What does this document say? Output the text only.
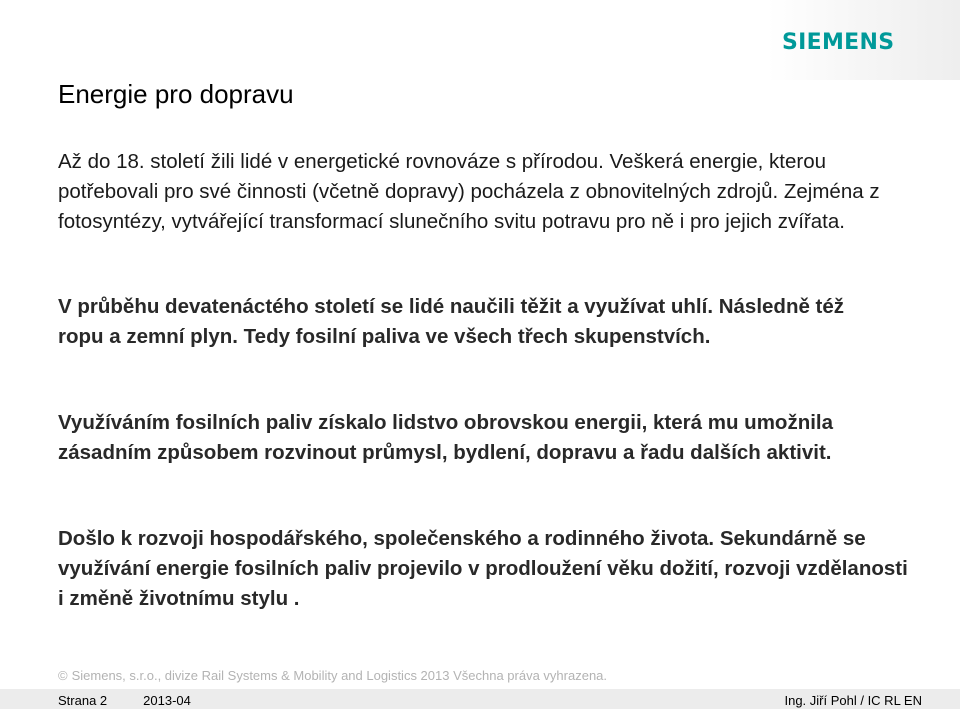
SIEMENS
Energie pro dopravu

Až do 18. století žili lidé v energetické rovnováze s přírodou. Veškerá energie, kterou potřebovali pro své činnosti (včetně dopravy) pocházela z obnovitelných zdrojů. Zejména z fotosyntézy, vytvářející transformací slunečního svitu potravu pro ně i pro jejich zvířata.

V průběhu devatenáctého století se lidé naučili těžit a využívat uhlí. Následně též ropu a zemní plyn. Tedy fosilní paliva ve všech třech skupenstvích.

Využíváním fosilních paliv získalo lidstvo obrovskou energii, která mu umožnila zásadním způsobem rozvinout průmysl, bydlení, dopravu a řadu dalších aktivit.

Došlo k rozvoji hospodářského, společenského a rodinného života. Sekundárně se využívání energie fosilních paliv projevilo v prodloužení věku dožití, rozvoji vzdělanosti i změně životnímu stylu .

© Siemens, s.r.o., divize Rail Systems & Mobility and Logistics 2013 Všechna práva vyhrazena.
Strana 2	2013-04	Ing. Jiří Pohl / IC RL EN
